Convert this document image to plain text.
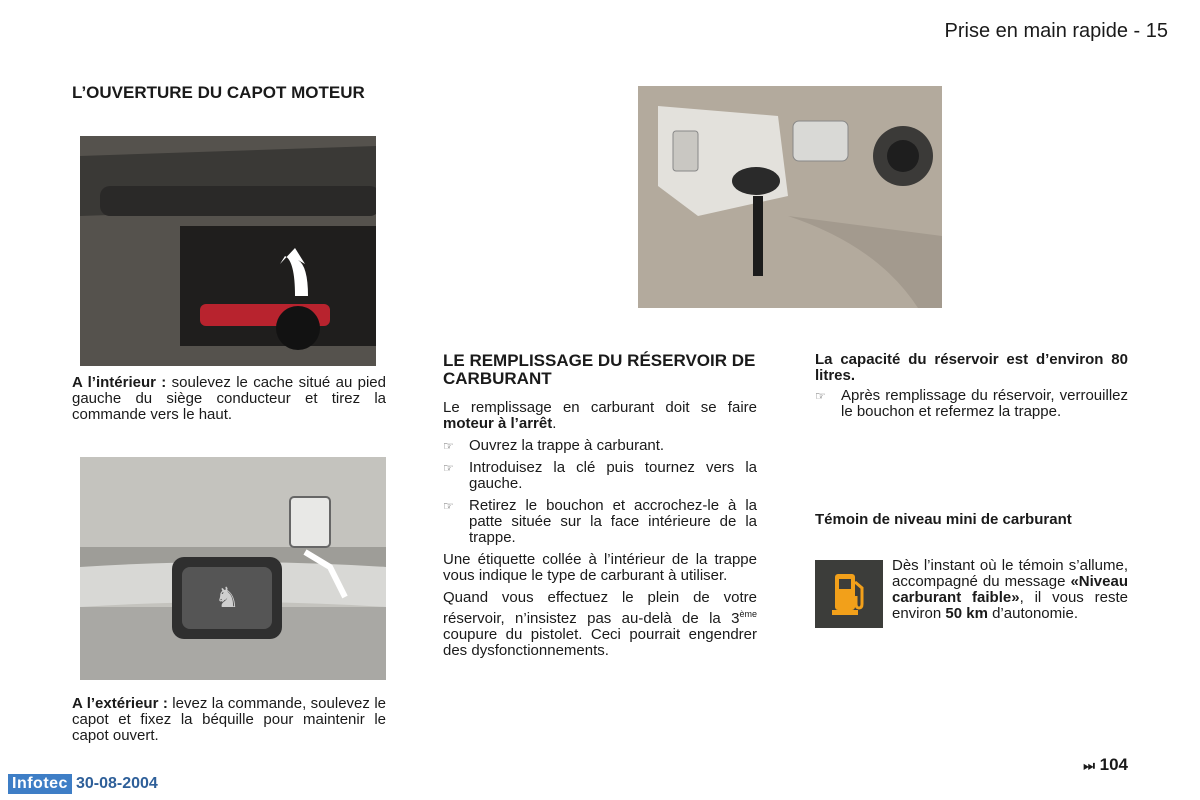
Prise en main rapide - 15
L’OUVERTURE DU CAPOT MOTEUR

A l’intérieur : soulevez le cache situé au pied gauche du siège conducteur et tirez la commande vers le haut.

♞

A l’extérieur : levez la commande, soulevez le capot et fixez la béquille pour maintenir le capot ouvert.

LE REMPLISSAGE DU RÉSERVOIR DE CARBURANT

Le remplissage en carburant doit se faire moteur à l’arrêt.

☞	Ouvrez la trappe à carburant.
☞	Introduisez la clé puis tournez vers la gauche.
☞	Retirez le bouchon et accrochez-le à la patte située sur la face intérieure de la trappe.

Une étiquette collée à l’intérieur de la trappe vous indique le type de carburant à utiliser.

Quand vous effectuez le plein de votre réservoir, n’insistez pas au-delà de la 3ème coupure du pistolet. Ceci pourrait engendrer des dysfonctionnements.

La capacité du réservoir est d’environ 80 litres.

☞	Après remplissage du réservoir, verrouillez le bouchon et refermez la trappe.
Témoin de niveau mini de carburant

Dès l’instant où le témoin s’allume, accompagné du message «Niveau carburant faible», il vous reste environ 50 km d’autonomie.

⏭ 104
Infotec 30-08-2004
